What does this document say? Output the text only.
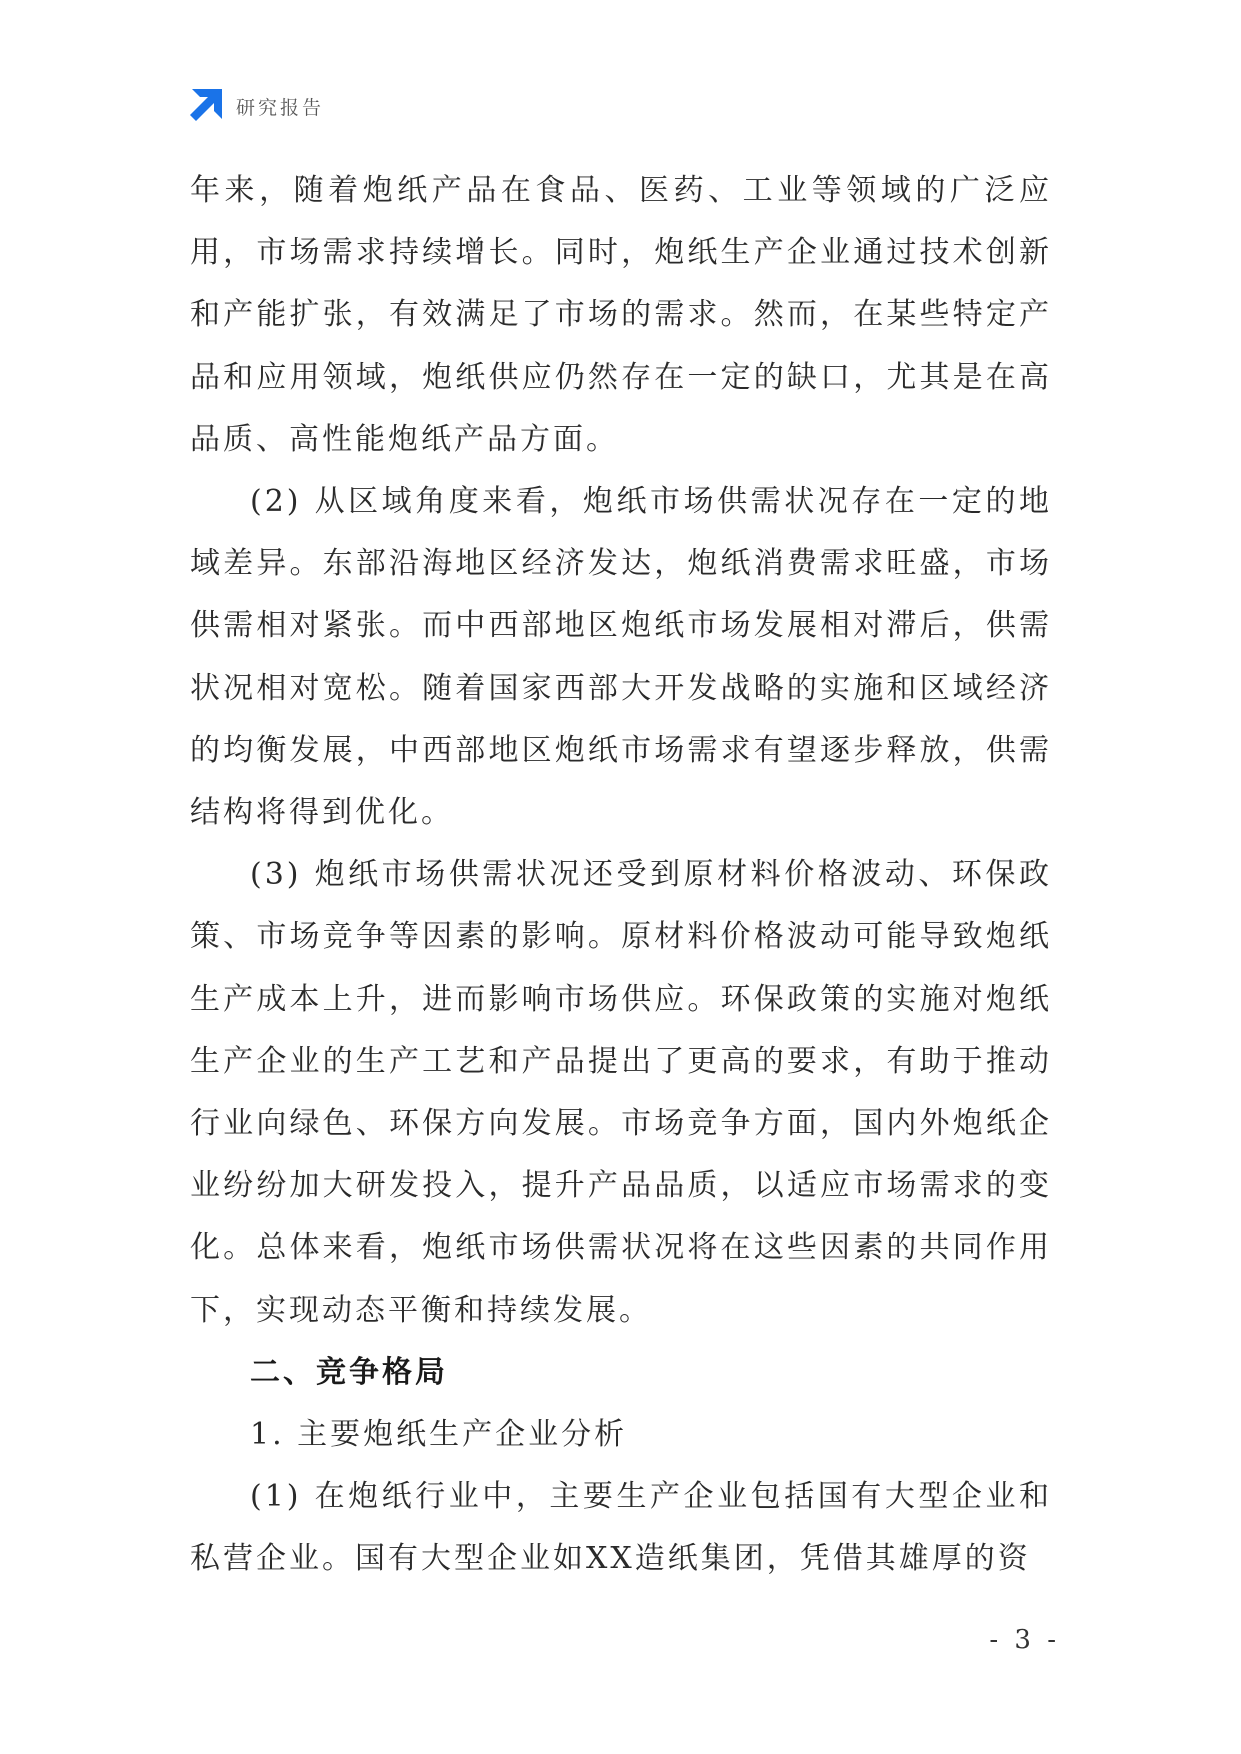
研究报告

年来，随着炮纸产品在食品、医药、工业等领域的广泛应用，市场需求持续增长。同时，炮纸生产企业通过技术创新和产能扩张，有效满足了市场的需求。然而，在某些特定产品和应用领域，炮纸供应仍然存在一定的缺口，尤其是在高品质、高性能炮纸产品方面。

(2) 从区域角度来看，炮纸市场供需状况存在一定的地域差异。东部沿海地区经济发达，炮纸消费需求旺盛，市场供需相对紧张。而中西部地区炮纸市场发展相对滞后，供需状况相对宽松。随着国家西部大开发战略的实施和区域经济的均衡发展，中西部地区炮纸市场需求有望逐步释放，供需结构将得到优化。

(3) 炮纸市场供需状况还受到原材料价格波动、环保政策、市场竞争等因素的影响。原材料价格波动可能导致炮纸生产成本上升，进而影响市场供应。环保政策的实施对炮纸生产企业的生产工艺和产品提出了更高的要求，有助于推动行业向绿色、环保方向发展。市场竞争方面，国内外炮纸企业纷纷加大研发投入，提升产品品质，以适应市场需求的变化。总体来看，炮纸市场供需状况将在这些因素的共同作用下，实现动态平衡和持续发展。

二、竞争格局

1. 主要炮纸生产企业分析

(1) 在炮纸行业中，主要生产企业包括国有大型企业和私营企业。国有大型企业如XX造纸集团，凭借其雄厚的资

- 3 -
